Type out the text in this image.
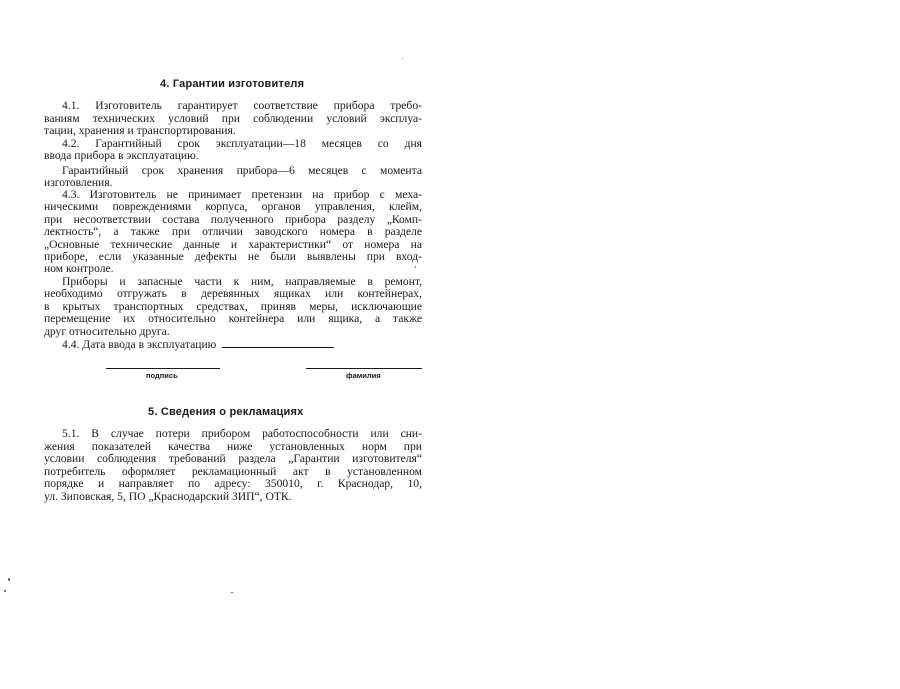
4. Гарантии изготовителя
4.1. Изготовитель гарантирует соответствие прибора требо-
ваниям технических условий при соблюдении условий эксплуа-
тации, хранения и транспортирования.
4.2. Гарантийный срок эксплуатации—18 месяцев со дня
ввода прибора в эксплуатацию.
Гарантийный срок хранения прибора—6 месяцев с момента
изготовления.
4.3. Изготовитель не принимает претензии на прибор с меха-
ническими повреждениями корпуса, органов управления, клейм,
при несоответствии состава полученного прибора разделу „Комп-
лектность“, а также при отличии заводского номера в разделе
„Основные технические данные и характеристики“ от номера на
приборе, если указанные дефекты не были выявлены при вход-
ном контроле.
Приборы и запасные части к ним, направляемые в ремонт,
необходимо отгружать в деревянных ящиках или контейнерах,
в крытых транспортных средствах, приняв меры, исключающие
перемещение их относительно контейнера или ящика, а также
друг относительно друга.
4.4. Дата ввода в эксплуатацию
подпись	фамилия
5. Сведения о рекламациях
5.1. В случае потери прибором работоспособности или сни-
жения показателей качества ниже установленных норм при
условии соблюдения требований раздела „Гарантии изготовителя“
потребитель оформляет рекламационный акт в установленном
порядке и направляет по адресу: 350010, г. Краснодар, 10,
ул. Зиповская, 5, ПО „Краснодарский ЗИП“, ОТК.
